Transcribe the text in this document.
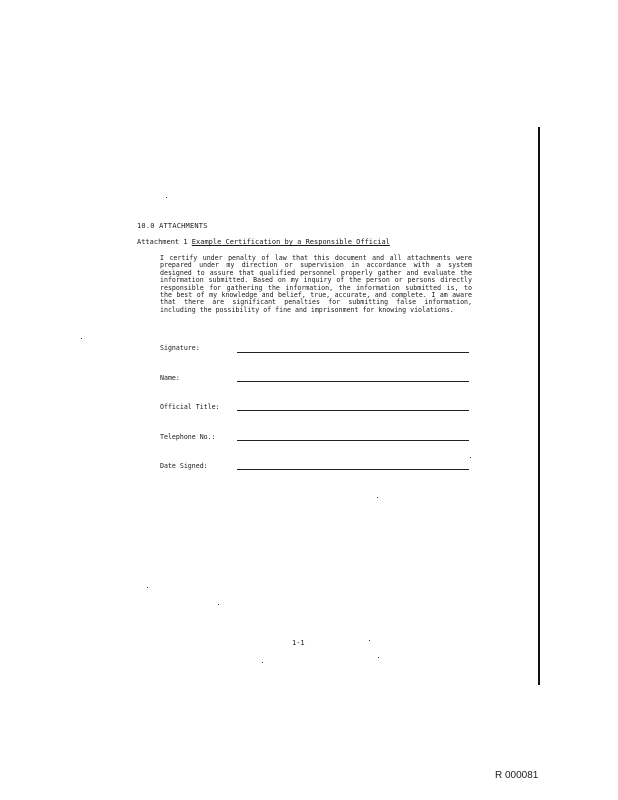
10.0 ATTACHMENTS
Attachment 1 Example Certification by a Responsible Official
I certify under penalty of law that this document and all attachments were prepared under my direction or supervision in accordance with a system designed to assure that qualified personnel properly gather and evaluate the information submitted. Based on my inquiry of the person or persons directly responsible for gathering the information, the information submitted is, to the best of my knowledge and belief, true, accurate, and complete. I am aware that there are significant penalties for submitting false information, including the possibility of fine and imprisonment for knowing violations.
Signature:
Name:
Official Title:
Telephone No.:
Date Signed:
1-1
R 000081
